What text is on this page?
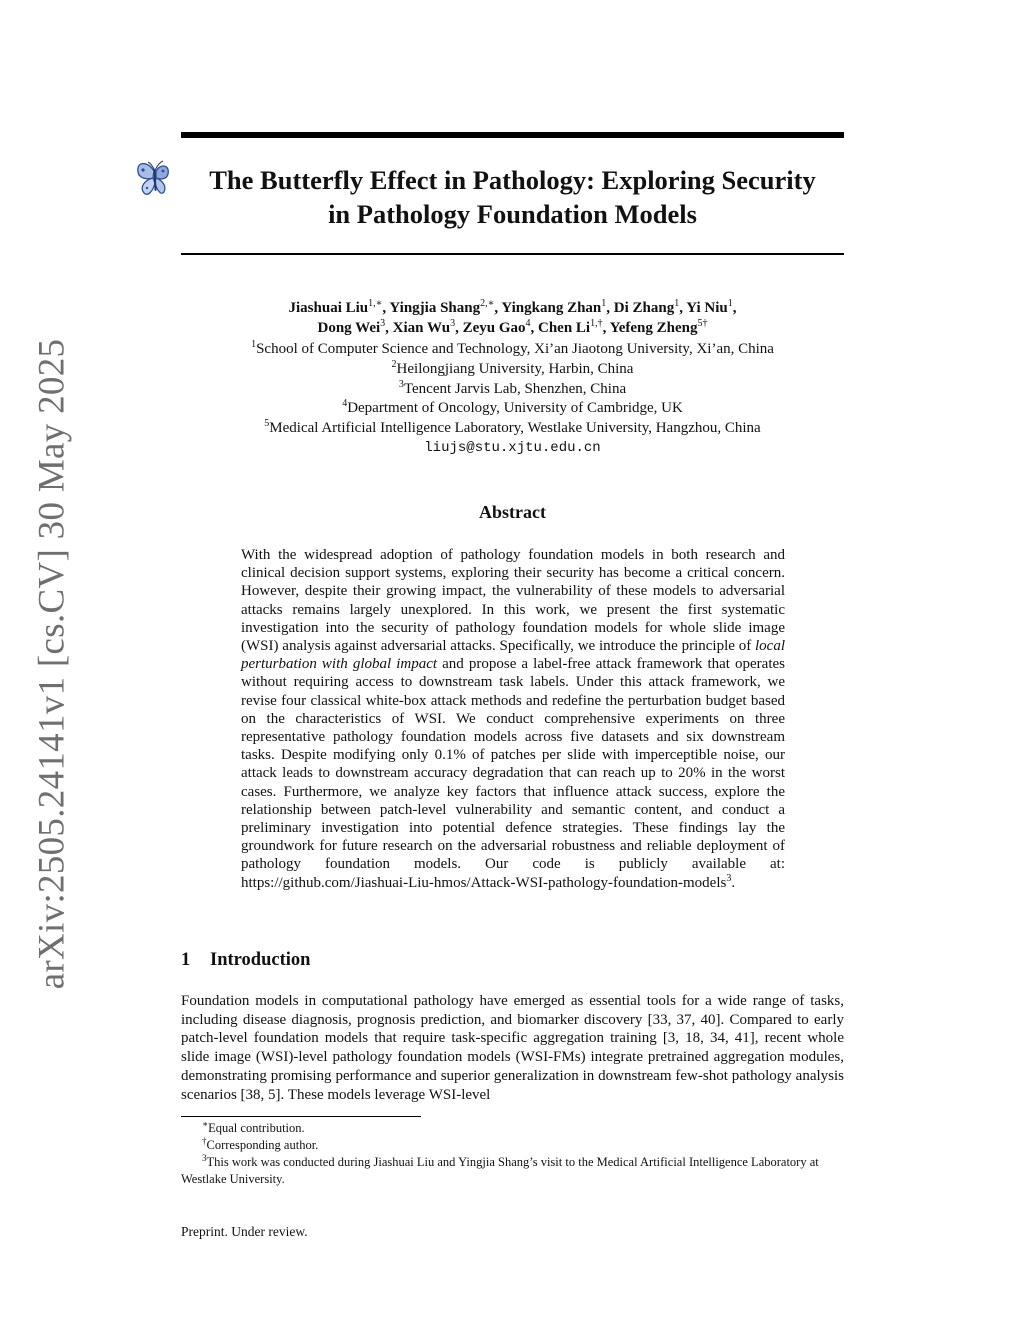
arXiv:2505.24141v1 [cs.CV] 30 May 2025
The Butterfly Effect in Pathology: Exploring Security
in Pathology Foundation Models
Jiashuai Liu$^{1,∗}$, Yingjia Shang$^{2,∗}$, Yingkang Zhan$^1$, Di Zhang$^1$, Yi Niu$^1$,
Dong Wei$^3$, Xian Wu$^3$, Zeyu Gao$^4$, Chen $Li^{1,\dagger}$, Yefeng Zheng$^{5\dagger}$
$^1$School of Computer Science and Technology, Xi’an Jiaotong University, Xi’an, China
$^2$Heilongjiang University, Harbin, China
$^3$Tencent Jarvis Lab, Shenzhen, China
$^4$Department of Oncology, University of Cambridge, UK
$^5$Medical Artificial Intelligence Laboratory, Westlake University, Hangzhou, China
liujs@stu.xjtu.edu.cn
Abstract

With the widespread adoption of pathology foundation models in both research and clinical decision support systems, exploring their security has become a critical concern. However, despite their growing impact, the vulnerability of these models to adversarial attacks remains largely unexplored. In this work, we present the first systematic investigation into the security of pathology foundation models for whole slide image (WSI) analysis against adversarial attacks. Specifically, we introduce the principle of local perturbation with global impact and propose a label-free attack framework that operates without requiring access to downstream task labels. Under this attack framework, we revise four classical white-box attack methods and redefine the perturbation budget based on the characteristics of WSI. We conduct comprehensive experiments on three representative pathology foundation models across five datasets and six downstream tasks. Despite modifying only 0.1% of patches per slide with imperceptible noise, our attack leads to downstream accuracy degradation that can reach up to 20% in the worst cases. Furthermore, we analyze key factors that influence attack success, explore the relationship between patch-level vulnerability and semantic content, and conduct a preliminary investigation into potential defence strategies. These findings lay the groundwork for future research on the adversarial robustness and reliable deployment of pathology foundation models. Our code is publicly available at: https://github.com/Jiashuai-Liu-hmos/Attack-WSI-pathology-foundation-models$^3$.

1 Introduction

Foundation models in computational pathology have emerged as essential tools for a wide range of tasks, including disease diagnosis, prognosis prediction, and biomarker discovery [33, 37, 40]. Compared to early patch-level foundation models that require task-specific aggregation training [3, 18, 34, 41], recent whole slide image (WSI)-level pathology foundation models (WSI-FMs) integrate pretrained aggregation modules, demonstrating promising performance and superior generalization in downstream few-shot pathology analysis scenarios [38, 5]. These models leverage WSI-level

∗Equal contribution.

†Corresponding author.

$^3$This work was conducted during Jiashuai Liu and Yingjia Shang’s visit to the Medical Artificial Intelligence Laboratory at Westlake University.

Preprint. Under review.
